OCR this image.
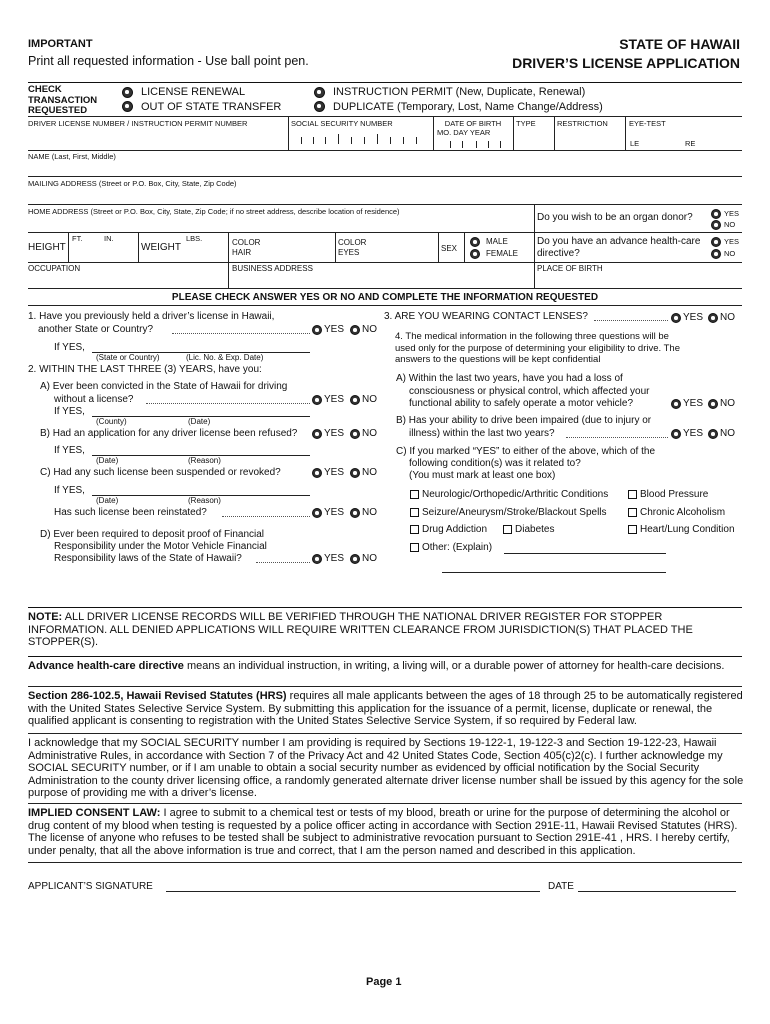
IMPORTANT
Print all requested information - Use ball point pen.
STATE OF HAWAII
DRIVER’S LICENSE APPLICATION
CHECK TRANSACTION REQUESTED
LICENSE RENEWAL
OUT OF STATE TRANSFER
INSTRUCTION PERMIT (New, Duplicate, Renewal)
DUPLICATE (Temporary, Lost, Name Change/Address)
DRIVER LICENSE NUMBER / INSTRUCTION PERMIT NUMBER	SOCIAL SECURITY NUMBER	DATE OF BIRTH
MO. DAY YEAR
TYPE	RESTRICTION	EYE-TEST
LE	RE
NAME (Last, First, Middle)
MAILING ADDRESS (Street or P.O. Box, City, State, Zip Code)
HOME ADDRESS (Street or P.O. Box, City, State, Zip Code; if no street address, describe location of residence)
Do you wish to be an organ donor?	YES
NO
HEIGHT
FT.	IN.
WEIGHT
LBS.	COLOR HAIR
COLOR EYES	SEX
MALE
FEMALE
Do you have an advance health-care directive?
YES
NO
OCCUPATION	BUSINESS ADDRESS	PLACE OF BIRTH
PLEASE CHECK ANSWER YES OR NO AND COMPLETE THE INFORMATION REQUESTED
1. Have you previously held a driver’s license in Hawaii,
another State or Country?	YES NO
If YES,
(State or Country)	(Lic. No. & Exp. Date)
2. WITHIN THE LAST THREE (3) YEARS, have you:
A) Ever been convicted in the State of Hawaii for driving
without a license?	YES NO
If YES,
(County)	(Date)
B) Had an application for any driver license been refused?	YES NO
If YES,
(Date)	(Reason)
C) Had any such license been suspended or revoked?	YES NO
If YES,
(Date)	(Reason)
Has such license been reinstated?	YES NO
D) Ever been required to deposit proof of Financial
Responsibility under the Motor Vehicle Financial
Responsibility laws of the State of Hawaii?	YES NO
3. ARE YOU WEARING CONTACT LENSES?	YES NO
4. The medical information in the following three questions will be used only for the purpose of determining your eligibility to drive. The answers to the questions will be kept confidential
A) Within the last two years, have you had a loss of
consciousness or physical control, which affected your
functional ability to safely operate a motor vehicle?	YES NO
B) Has your ability to drive been impaired (due to injury or
illness) within the last two years?	YES NO
C) If you marked “YES” to either of the above, which of the
following condition(s) was it related to?
(You must mark at least one box)
Neurologic/Orthopedic/Arthritic Conditions	Blood Pressure
Seizure/Aneurysm/Stroke/Blackout Spells	Chronic Alcoholism
Drug Addiction	Diabetes	Heart/Lung Condition
Other: (Explain)
NOTE: ALL DRIVER LICENSE RECORDS WILL BE VERIFIED THROUGH THE NATIONAL DRIVER REGISTER FOR STOPPER INFORMATION. ALL DENIED APPLICATIONS WILL REQUIRE WRITTEN CLEARANCE FROM JURISDICTION(S) THAT PLACED THE STOPPER(S).
Advance health-care directive means an individual instruction, in writing, a living will, or a durable power of attorney for health-care decisions.
Section 286-102.5, Hawaii Revised Statutes (HRS) requires all male applicants between the ages of 18 through 25 to be automatically registered with the United States Selective Service System. By submitting this application for the issuance of a permit, license, duplicate or renewal, the qualified applicant is consenting to registration with the United States Selective Service System, if so required by Federal law.
I acknowledge that my SOCIAL SECURITY number I am providing is required by Sections 19-122-1, 19-122-3 and Section 19-122-23, Hawaii Administrative Rules, in accordance with Section 7 of the Privacy Act and 42 United States Code, Section 405(c)2(c). I further acknowledge my SOCIAL SECURITY number, or if I am unable to obtain a social security number as evidenced by official notification by the Social Security Administration to the county driver licensing office, a randomly generated alternate driver license number shall be issued by this agency for the sole purpose of providing me with a driver’s license.
IMPLIED CONSENT LAW: I agree to submit to a chemical test or tests of my blood, breath or urine for the purpose of determining the alcohol or drug content of my blood when testing is requested by a police officer acting in accordance with Section 291E-11, Hawaii Revised Statutes (HRS). The license of anyone who refuses to be tested shall be subject to administrative revocation pursuant to Section 291E-41 , HRS. I hereby certify, under penalty, that all the above information is true and correct, that I am the person named and described in this application.
APPLICANT’S SIGNATURE	DATE
Page 1
